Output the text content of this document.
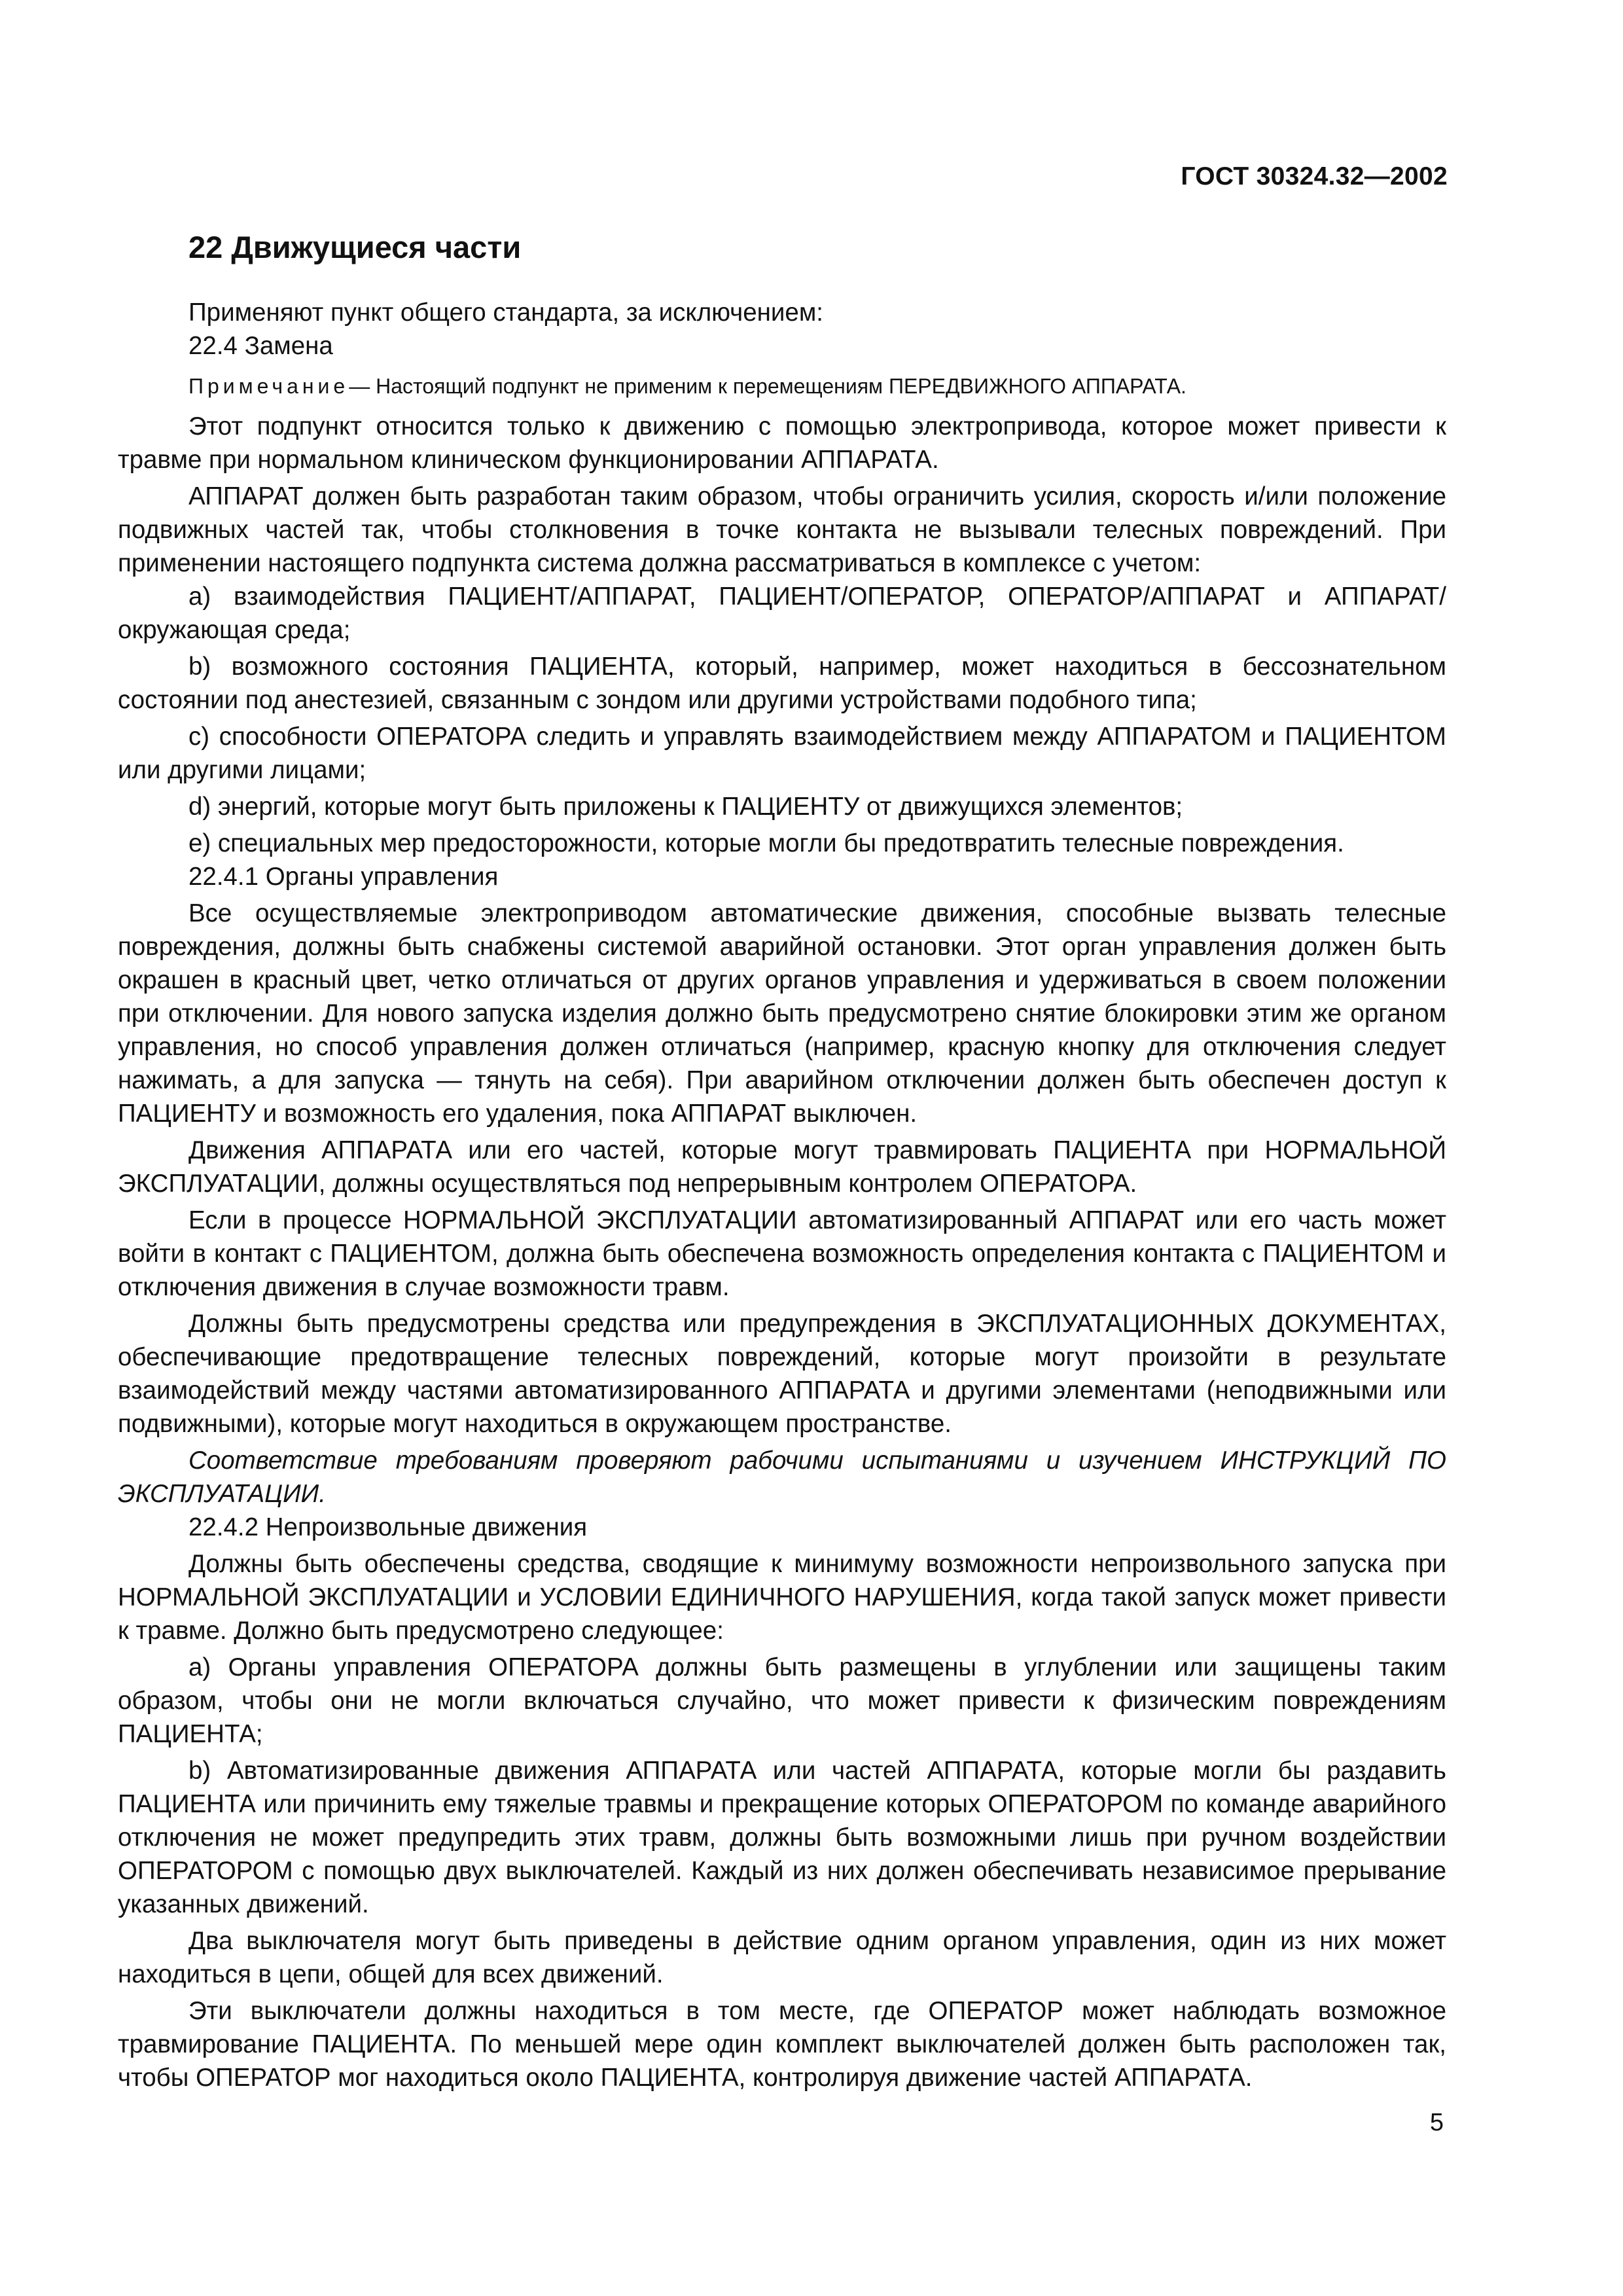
ГОСТ 30324.32—2002
22 Движущиеся части

Применяют пункт общего стандарта, за исключением:

22.4 Замена

Примечание— Настоящий подпункт не применим к перемещениям ПЕРЕДВИЖНОГО АППАРАТА.

Этот подпункт относится только к движению с помощью электропривода, которое может привести к травме при нормальном клиническом функционировании АППАРАТА.

АППАРАТ должен быть разработан таким образом, чтобы ограничить усилия, скорость и/или положение подвижных частей так, чтобы столкновения в точке контакта не вызывали телесных повреждений. При применении настоящего подпункта система должна рассматриваться в комплексе с учетом:

a) взаимодействия ПАЦИЕНТ/АППАРАТ, ПАЦИЕНТ/ОПЕРАТОР, ОПЕРАТОР/АППАРАТ и АППАРАТ/окружающая среда;

b) возможного состояния ПАЦИЕНТА, который, например, может находиться в бессознательном состоянии под анестезией, связанным с зондом или другими устройствами подобного типа;

c) способности ОПЕРАТОРА следить и управлять взаимодействием между АППАРАТОМ и ПАЦИЕНТОМ или другими лицами;

d) энергий, которые могут быть приложены к ПАЦИЕНТУ от движущихся элементов;

e) специальных мер предосторожности, которые могли бы предотвратить телесные повреждения.

22.4.1 Органы управления

Все осуществляемые электроприводом автоматические движения, способные вызвать телесные повреждения, должны быть снабжены системой аварийной остановки. Этот орган управления должен быть окрашен в красный цвет, четко отличаться от других органов управления и удерживаться в своем положении при отключении. Для нового запуска изделия должно быть предусмотрено снятие блокировки этим же органом управления, но способ управления должен отличаться (например, красную кнопку для отключения следует нажимать, а для запуска — тянуть на себя). При аварийном отключении должен быть обеспечен доступ к ПАЦИЕНТУ и возможность его удаления, пока АППАРАТ выключен.

Движения АППАРАТА или его частей, которые могут травмировать ПАЦИЕНТА при НОРМАЛЬНОЙ ЭКСПЛУАТАЦИИ, должны осуществляться под непрерывным контролем ОПЕРАТОРА.

Если в процессе НОРМАЛЬНОЙ ЭКСПЛУАТАЦИИ автоматизированный АППАРАТ или его часть может войти в контакт с ПАЦИЕНТОМ, должна быть обеспечена возможность определения контакта с ПАЦИЕНТОМ и отключения движения в случае возможности травм.

Должны быть предусмотрены средства или предупреждения в ЭКСПЛУАТАЦИОННЫХ ДОКУМЕНТАХ, обеспечивающие предотвращение телесных повреждений, которые могут произойти в результате взаимодействий между частями автоматизированного АППАРАТА и другими элементами (неподвижными или подвижными), которые могут находиться в окружающем пространстве.

Соответствие требованиям проверяют рабочими испытаниями и изучением ИНСТРУКЦИЙ ПО ЭКСПЛУАТАЦИИ.

22.4.2 Непроизвольные движения

Должны быть обеспечены средства, сводящие к минимуму возможности непроизвольного запуска при НОРМАЛЬНОЙ ЭКСПЛУАТАЦИИ и УСЛОВИИ ЕДИНИЧНОГО НАРУШЕНИЯ, когда такой запуск может привести к травме. Должно быть предусмотрено следующее:

a) Органы управления ОПЕРАТОРА должны быть размещены в углублении или защищены таким образом, чтобы они не могли включаться случайно, что может привести к физическим повреждениям ПАЦИЕНТА;

b) Автоматизированные движения АППАРАТА или частей АППАРАТА, которые могли бы раздавить ПАЦИЕНТА или причинить ему тяжелые травмы и прекращение которых ОПЕРАТОРОМ по команде аварийного отключения не может предупредить этих травм, должны быть возможными лишь при ручном воздействии ОПЕРАТОРОМ с помощью двух выключателей. Каждый из них должен обеспечивать независимое прерывание указанных движений.

Два выключателя могут быть приведены в действие одним органом управления, один из них может находиться в цепи, общей для всех движений.

Эти выключатели должны находиться в том месте, где ОПЕРАТОР может наблюдать возможное травмирование ПАЦИЕНТА. По меньшей мере один комплект выключателей должен быть расположен так, чтобы ОПЕРАТОР мог находиться около ПАЦИЕНТА, контролируя движение частей АППАРАТА.

5
